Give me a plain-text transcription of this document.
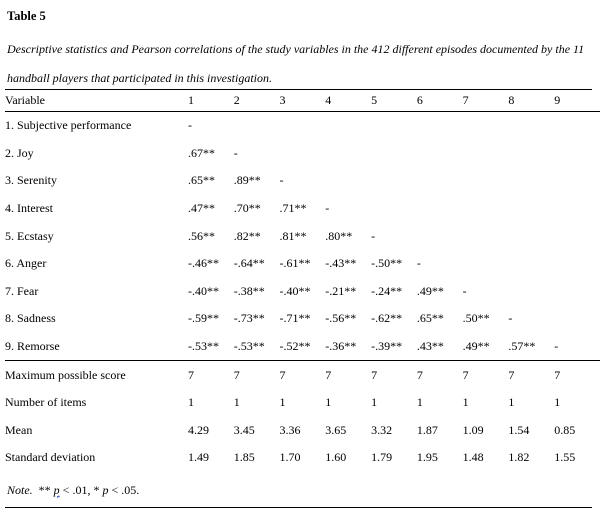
Table 5
Descriptive statistics and Pearson correlations of the study variables in the 412 different episodes documented by the 11 handball players that participated in this investigation.
Variable	1	2	3	4	5	6	7	8	9
1. Subjective performance	-								
2. Joy	.67**	-							
3. Serenity	.65**	.89**	-						
4. Interest	.47**	.70**	.71**	-					
5. Ecstasy	.56**	.82**	.81**	.80**	-				
6. Anger	-.46**	-.64**	-.61**	-.43**	-.50**	-			
7. Fear	-.40**	-.38**	-.40**	-.21**	-.24**	.49**	-		
8. Sadness	-.59**	-.73**	-.71**	-.56**	-.62**	.65**	.50**	-	
9. Remorse	-.53**	-.53**	-.52**	-.36**	-.39**	.43**	.49**	.57**	-
Maximum possible score	7	7	7	7	7	7	7	7	7
Number of items	1	1	1	1	1	1	1	1	1
Mean	4.29	3.45	3.36	3.65	3.32	1.87	1.09	1.54	0.85
Standard deviation	1.49	1.85	1.70	1.60	1.79	1.95	1.48	1.82	1.55
Note.  ** p < .01, * p < .05.
